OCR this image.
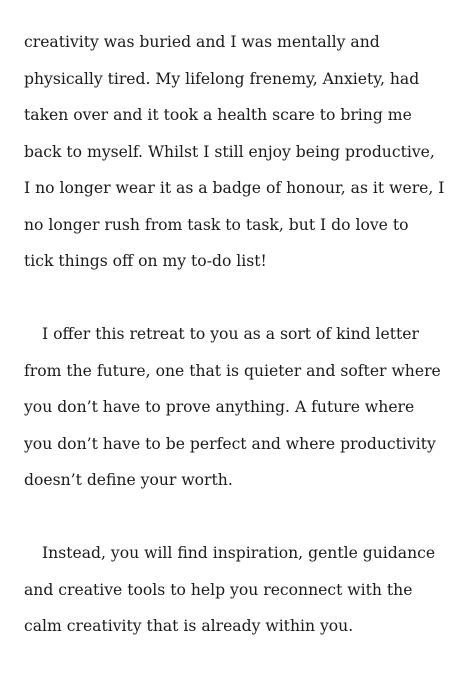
creativity was buried and I was mentally and
physically tired. My lifelong frenemy, Anxiety, had
taken over and it took a health scare to bring me
back to myself. Whilst I still enjoy being productive,
I no longer wear it as a badge of honour, as it were, I
no longer rush from task to task, but I do love to
tick things off on my to-do list!
I offer this retreat to you as a sort of kind letter
from the future, one that is quieter and softer where
you don’t have to prove anything. A future where
you don’t have to be perfect and where productivity
doesn’t define your worth.
Instead, you will find inspiration, gentle guidance
and creative tools to help you reconnect with the
calm creativity that is already within you.
